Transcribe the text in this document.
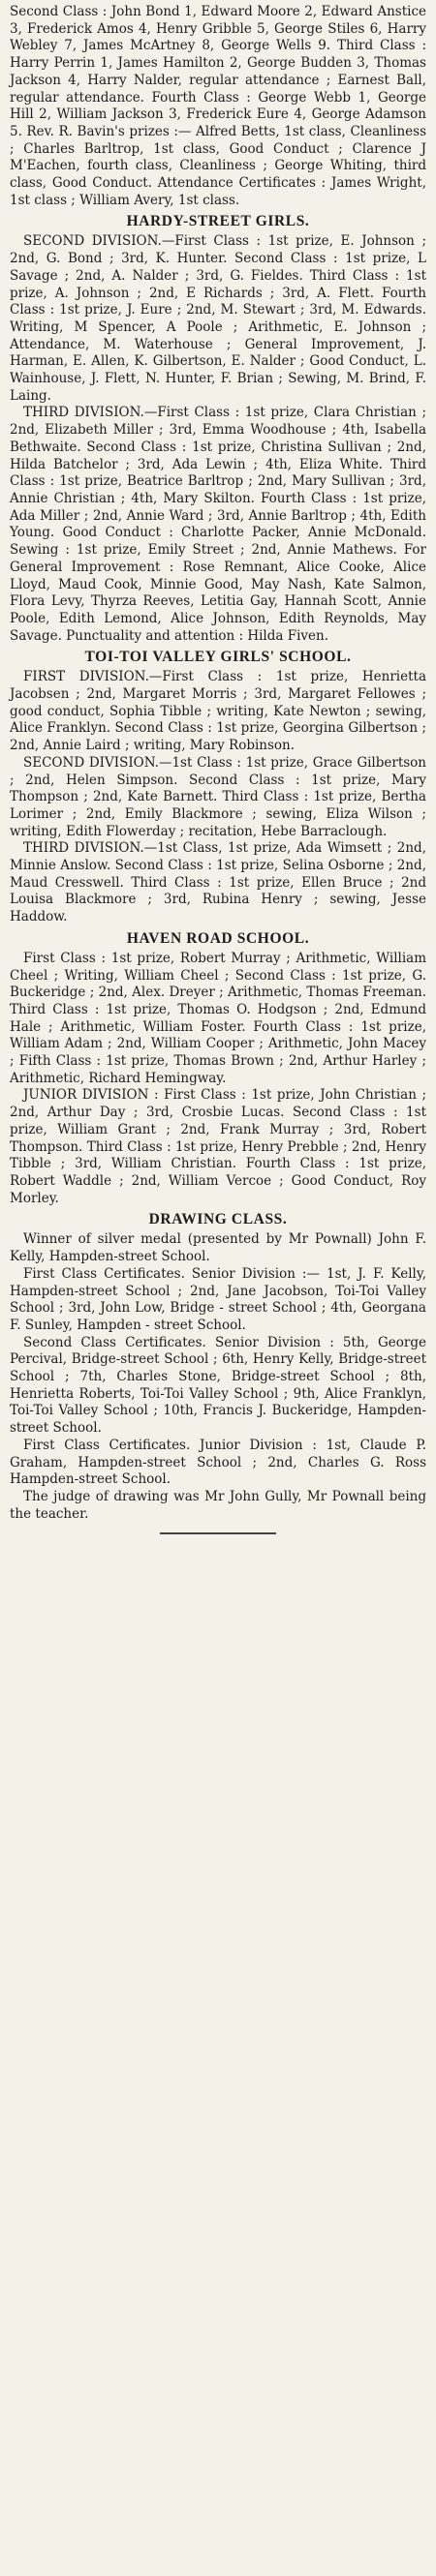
Second Class : John Bond 1, Edward Moore 2, Edward Anstice 3, Frederick Amos 4, Henry Gribble 5, George Stiles 6, Harry Webley 7, James McArtney 8, George Wells 9. Third Class : Harry Perrin 1, James Hamilton 2, George Budden 3, Thomas Jackson 4, Harry Nalder, regular attendance ; Earnest Ball, regular attendance. Fourth Class : George Webb 1, George Hill 2, William Jackson 3, Frederick Eure 4, George Adamson 5. Rev. R. Bavin's prizes :— Alfred Betts, 1st class, Cleanliness ; Charles Barltrop, 1st class, Good Conduct ; Clarence J M'Eachen, fourth class, Cleanliness ; George Whiting, third class, Good Conduct. Attendance Certificates : James Wright, 1st class ; William Avery, 1st class.

HARDY-STREET GIRLS.

SECOND DIVISION.—First Class : 1st prize, E. Johnson ; 2nd, G. Bond ; 3rd, K. Hunter. Second Class : 1st prize, L Savage ; 2nd, A. Nalder ; 3rd, G. Fieldes. Third Class : 1st prize, A. Johnson ; 2nd, E Richards ; 3rd, A. Flett. Fourth Class : 1st prize, J. Eure ; 2nd, M. Stewart ; 3rd, M. Edwards. Writing, M Spencer, A Poole ; Arithmetic, E. Johnson ; Attendance, M. Waterhouse ; General Improvement, J. Harman, E. Allen, K. Gilbertson, E. Nalder ; Good Conduct, L. Wainhouse, J. Flett, N. Hunter, F. Brian ; Sewing, M. Brind, F. Laing.

THIRD DIVISION.—First Class : 1st prize, Clara Christian ; 2nd, Elizabeth Miller ; 3rd, Emma Woodhouse ; 4th, Isabella Bethwaite. Second Class : 1st prize, Christina Sullivan ; 2nd, Hilda Batchelor ; 3rd, Ada Lewin ; 4th, Eliza White. Third Class : 1st prize, Beatrice Barltrop ; 2nd, Mary Sullivan ; 3rd, Annie Christian ; 4th, Mary Skilton. Fourth Class : 1st prize, Ada Miller ; 2nd, Annie Ward ; 3rd, Annie Barltrop ; 4th, Edith Young. Good Conduct : Charlotte Packer, Annie McDonald. Sewing : 1st prize, Emily Street ; 2nd, Annie Mathews. For General Improvement : Rose Remnant, Alice Cooke, Alice Lloyd, Maud Cook, Minnie Good, May Nash, Kate Salmon, Flora Levy, Thyrza Reeves, Letitia Gay, Hannah Scott, Annie Poole, Edith Lemond, Alice Johnson, Edith Reynolds, May Savage. Punctuality and attention : Hilda Fiven.

TOI-TOI VALLEY GIRLS' SCHOOL.

FIRST DIVISION.—First Class : 1st prize, Henrietta Jacobsen ; 2nd, Margaret Morris ; 3rd, Margaret Fellowes ; good conduct, Sophia Tibble ; writing, Kate Newton ; sewing, Alice Franklyn. Second Class : 1st prize, Georgina Gilbertson ; 2nd, Annie Laird ; writing, Mary Robinson.

SECOND DIVISION.—1st Class : 1st prize, Grace Gilbertson ; 2nd, Helen Simpson. Second Class : 1st prize, Mary Thompson ; 2nd, Kate Barnett. Third Class : 1st prize, Bertha Lorimer ; 2nd, Emily Blackmore ; sewing, Eliza Wilson ; writing, Edith Flowerday ; recitation, Hebe Barraclough.

THIRD DIVISION.—1st Class, 1st prize, Ada Wimsett ; 2nd, Minnie Anslow. Second Class : 1st prize, Selina Osborne ; 2nd, Maud Cresswell. Third Class : 1st prize, Ellen Bruce ; 2nd Louisa Blackmore ; 3rd, Rubina Henry ; sewing, Jesse Haddow.

HAVEN ROAD SCHOOL.

First Class : 1st prize, Robert Murray ; Arithmetic, William Cheel ; Writing, William Cheel ; Second Class : 1st prize, G. Buckeridge ; 2nd, Alex. Dreyer ; Arithmetic, Thomas Freeman. Third Class : 1st prize, Thomas O. Hodgson ; 2nd, Edmund Hale ; Arithmetic, William Foster. Fourth Class : 1st prize, William Adam ; 2nd, William Cooper ; Arithmetic, John Macey ; Fifth Class : 1st prize, Thomas Brown ; 2nd, Arthur Harley ; Arithmetic, Richard Hemingway.

JUNIOR DIVISION : First Class : 1st prize, John Christian ; 2nd, Arthur Day ; 3rd, Crosbie Lucas. Second Class : 1st prize, William Grant ; 2nd, Frank Murray ; 3rd, Robert Thompson. Third Class : 1st prize, Henry Prebble ; 2nd, Henry Tibble ; 3rd, William Christian. Fourth Class : 1st prize, Robert Waddle ; 2nd, William Vercoe ; Good Conduct, Roy Morley.

DRAWING CLASS.

Winner of silver medal (presented by Mr Pownall) John F. Kelly, Hampden-street School.

First Class Certificates. Senior Division :— 1st, J. F. Kelly, Hampden-street School ; 2nd, Jane Jacobson, Toi-Toi Valley School ; 3rd, John Low, Bridge - street School ; 4th, Georgana F. Sunley, Hampden - street School.

Second Class Certificates. Senior Division : 5th, George Percival, Bridge-street School ; 6th, Henry Kelly, Bridge-street School ; 7th, Charles Stone, Bridge-street School ; 8th, Henrietta Roberts, Toi-Toi Valley School ; 9th, Alice Franklyn, Toi-Toi Valley School ; 10th, Francis J. Buckeridge, Hampden-street School.

First Class Certificates. Junior Division : 1st, Claude P. Graham, Hampden-street School ; 2nd, Charles G. Ross Hampden-street School.

The judge of drawing was Mr John Gully, Mr Pownall being the teacher.
